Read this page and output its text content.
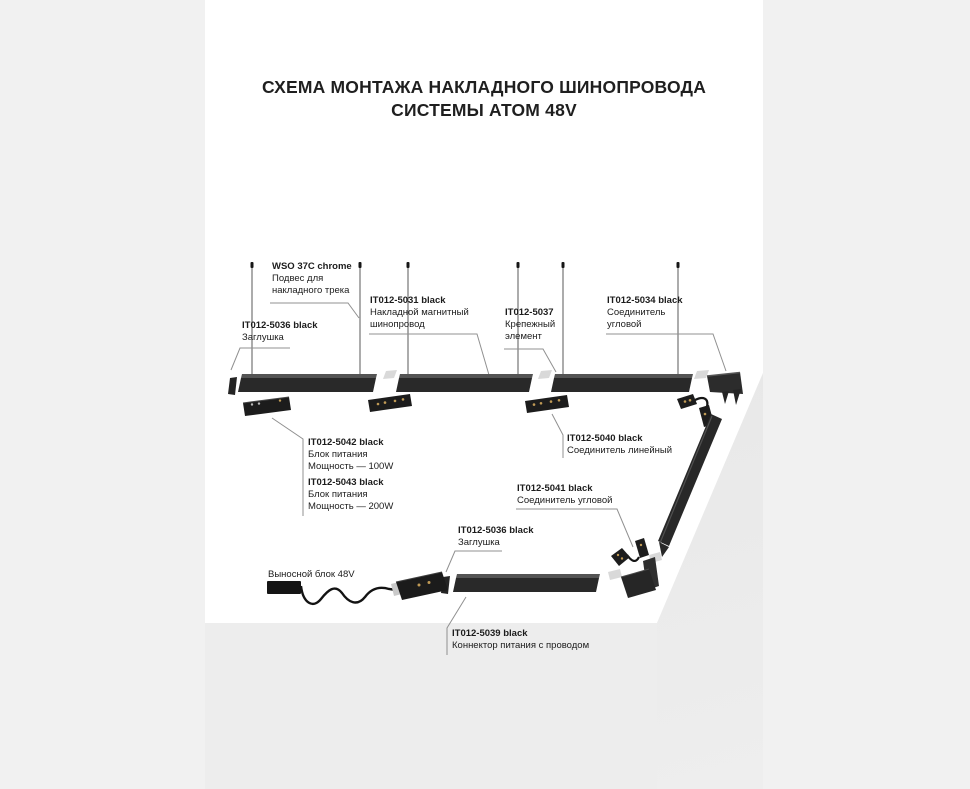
СХЕМА МОНТАЖА НАКЛАДНОГО ШИНОПРОВОДА
СИСТЕМЫ АТОМ 48V
WSO 37C chrome
Подвес для
накладного трека
IT012-5036 black
Заглушка
IT012-5031 black
Накладной магнитный
шинопровод
IT012-5037
Крепежный
элемент
IT012-5034 black
Соединитель
угловой
IT012-5042 black
Блок питания
Мощность — 100W
IT012-5043 black
Блок питания
Мощность — 200W
IT012-5040 black
Соединитель линейный
IT012-5041 black
Соединитель угловой
IT012-5036 black
Заглушка
Выносной блок 48V
IT012-5039 black
Коннектор питания с проводом
